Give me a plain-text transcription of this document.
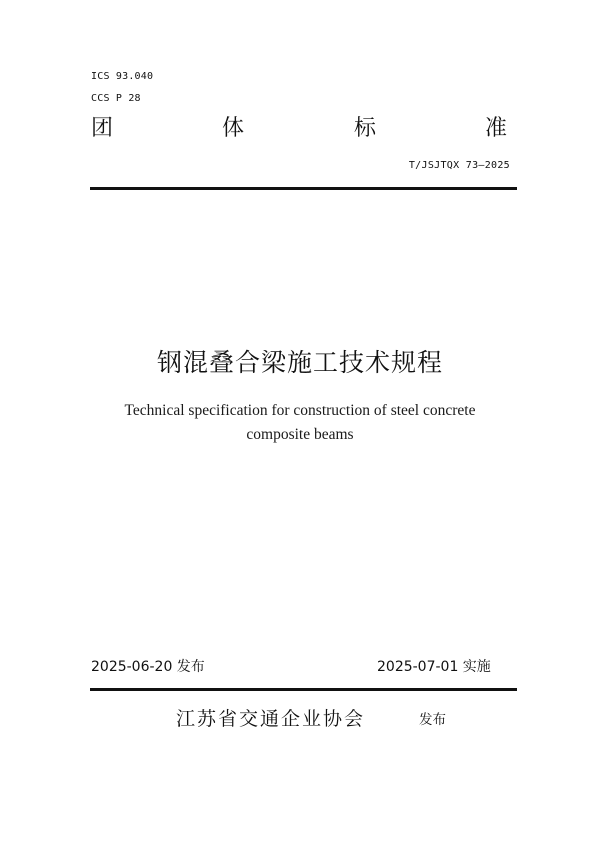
ICS 93.040
CCS P 28
团	体	标	准
T/JSJTQX 73—2025
钢混叠合梁施工技术规程
Technical specification for construction of steel concrete composite beams
2025-06-20 发布	2025-07-01 实施
江苏省交通企业协会	发布
